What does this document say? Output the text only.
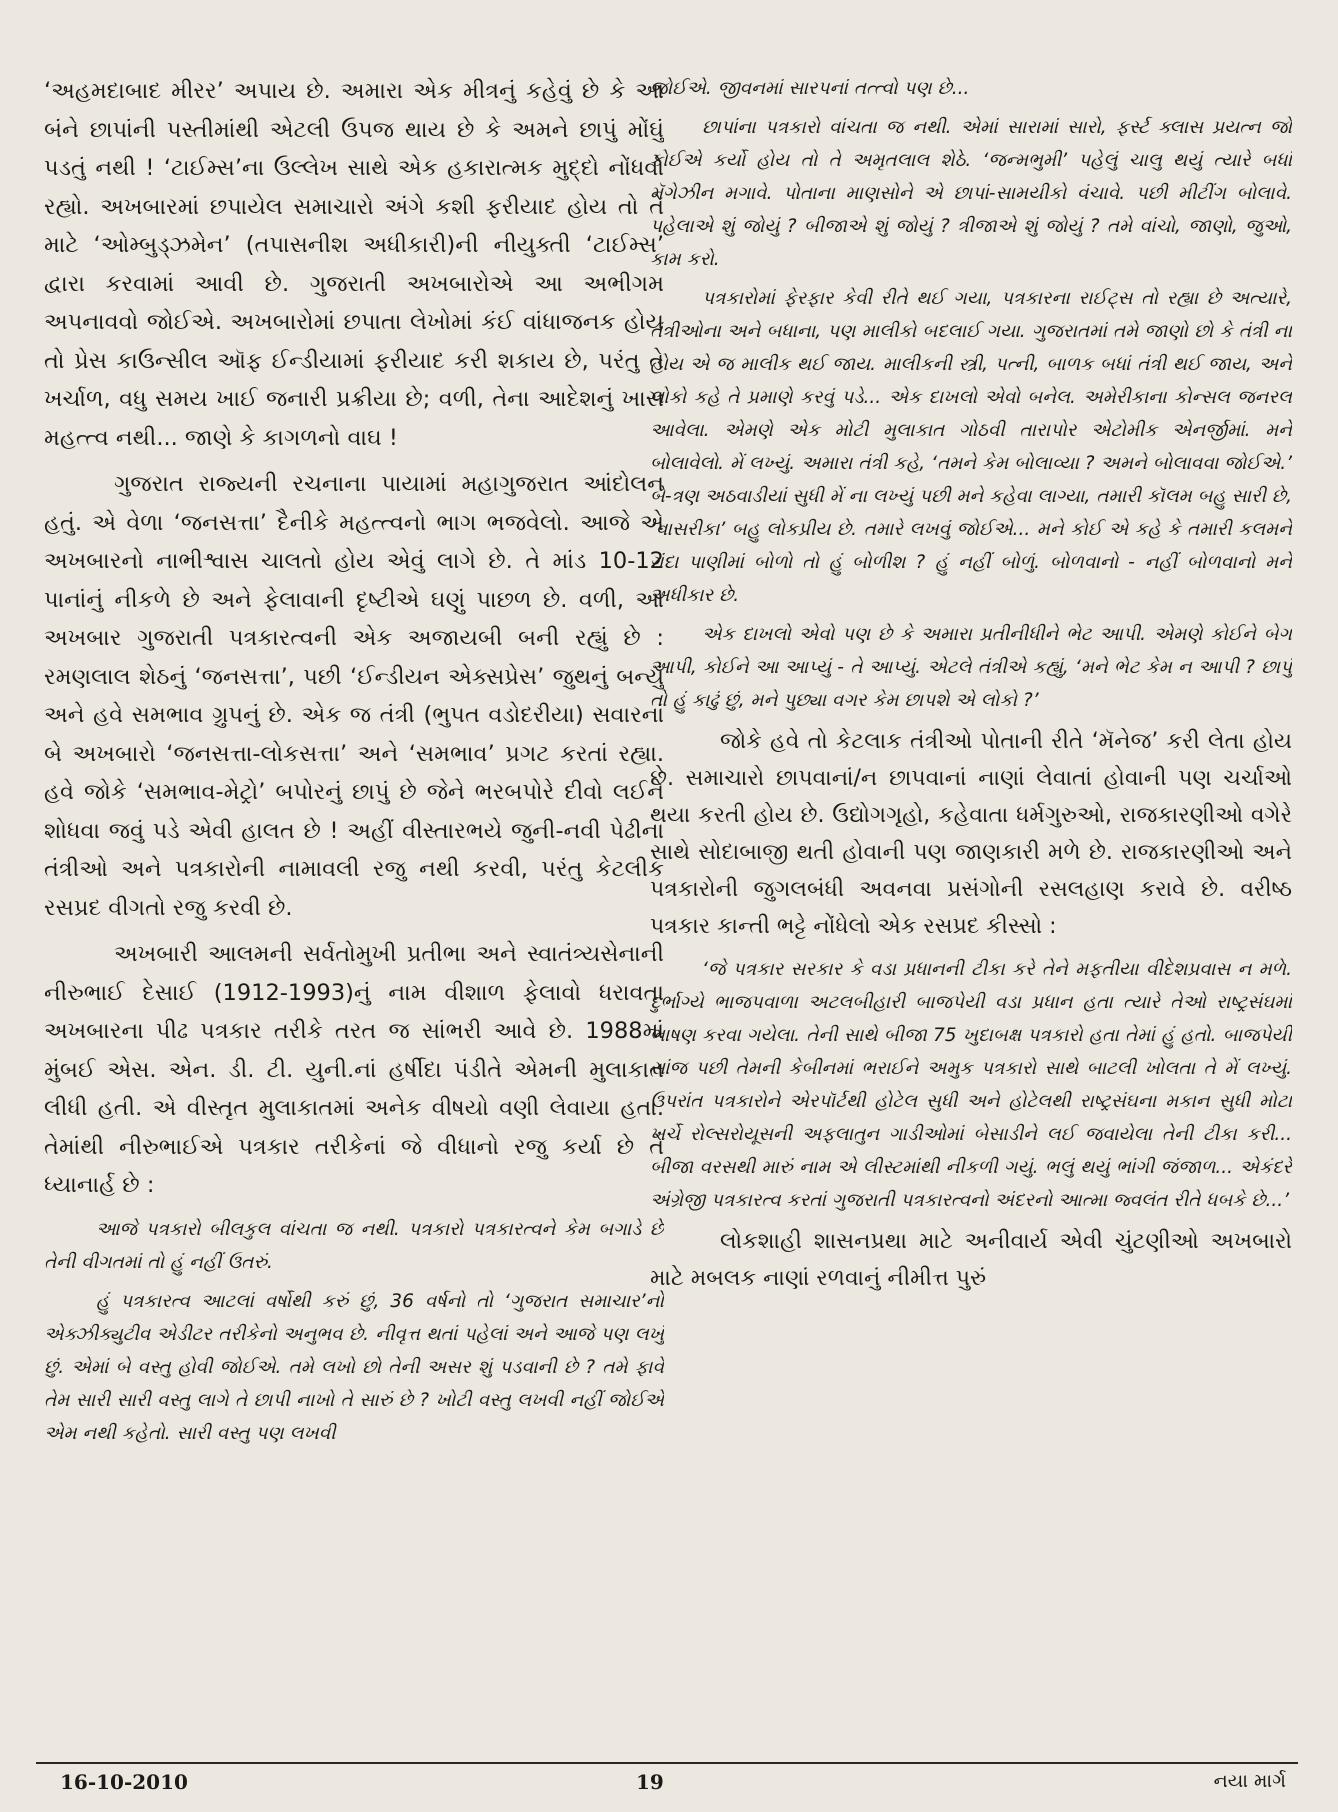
‘અહમદાબાદ મીરર’ અપાય છે. અમારા એક મીત્રનું કહેવું છે કે આ બંને છાપાંની પસ્તીમાંથી એટલી ઉપજ થાય છે કે અમને છાપું મોંઘું પડતું નથી ! ‘ટાઈમ્સ’ના ઉલ્લેખ સાથે એક હકારાત્મક મુદ્દો નોંધવો રહ્યો. અખબારમાં છપાયેલ સમાચારો અંગે કશી ફરીયાદ હોય તો તે માટે ‘ઓમ્બુડ્ઝમેન’ (તપાસનીશ અધીકારી)ની નીયુક્તી ‘ટાઈમ્સ’ દ્વારા કરવામાં આવી છે. ગુજરાતી અખબારોએ આ અભીગમ અપનાવવો જોઈએ. અખબારોમાં છપાતા લેખોમાં કંઈ વાંધાજનક હોય તો પ્રેસ કાઉન્સીલ ઑફ ઈન્ડીયામાં ફરીયાદ કરી શકાય છે, પરંતુ તે ખર્ચાળ, વધુ સમય ખાઈ જનારી પ્રક્રીયા છે; વળી, તેના આદેશનું ખાસ મહત્ત્વ નથી... જાણે કે કાગળનો વાઘ !

ગુજરાત રાજ્યની રચનાના પાયામાં મહાગુજરાત આંદોલન હતું. એ વેળા ‘જનસત્તા’ દૈનીકે મહત્ત્વનો ભાગ ભજવેલો. આજે એ અખબારનો નાભીશ્વાસ ચાલતો હોય એવું લાગે છે. તે માંડ 10-12 પાનાંનું નીકળે છે અને ફેલાવાની દૃષ્ટીએ ઘણું પાછળ છે. વળી, આ અખબાર ગુજરાતી પત્રકારત્વની એક અજાયબી બની રહ્યું છે : રમણલાલ શેઠનું ‘જનસત્તા’, પછી ‘ઈન્ડીયન એક્સપ્રેસ’ જુથનું બન્યું અને હવે સમભાવ ગ્રુપનું છે. એક જ તંત્રી (ભુપત વડોદરીયા) સવારનાં બે અખબારો ‘જનસત્તા-લોકસત્તા’ અને ‘સમભાવ’ પ્રગટ કરતાં રહ્યા. હવે જોકે ‘સમભાવ-મેટ્રો’ બપોરનું છાપું છે જેને ભરબપોરે દીવો લઈને શોધવા જવું પડે એવી હાલત છે ! અહીં વીસ્તારભયે જુની-નવી પેઢીના તંત્રીઓ અને પત્રકારોની નામાવલી રજુ નથી કરવી, પરંતુ કેટલીક રસપ્રદ વીગતો રજુ કરવી છે.

અખબારી આલમની સર્વતોમુખી પ્રતીભા અને સ્વાતંત્ર્યસેનાની નીરુભાઈ દેસાઈ (1912-1993)નું નામ વીશાળ ફેલાવો ધરાવતા અખબારના પીઢ પત્રકાર તરીકે તરત જ સાંભરી આવે છે. 1988માં મુંબઈ એસ. એન. ડી. ટી. યુની.નાં હર્ષીદા પંડીતે એમની મુલાકાત લીધી હતી. એ વીસ્તૃત મુલાકાતમાં અનેક વીષયો વણી લેવાયા હતા. તેમાંથી નીરુભાઈએ પત્રકાર તરીકેનાં જે વીધાનો રજુ કર્યા છે તે ધ્યાનાર્હ છે :

આજે પત્રકારો બીલકુલ વાંચતા જ નથી. પત્રકારો પત્રકારત્વને કેમ બગાડે છે તેની વીગતમાં તો હું નહીં ઉતરું.

હું પત્રકારત્વ આટલાં વર્ષોથી કરું છું, 36 વર્ષનો તો ‘ગુજરાત સમાચાર’નો એક્ઝીક્યુટીવ એડીટર તરીકેનો અનુભવ છે. નીવૃત્ત થતાં પહેલાં અને આજે પણ લખું છું. એમાં બે વસ્તુ હોવી જોઈએ. તમે લખો છો તેની અસર શું પડવાની છે ? તમે ફાવે તેમ સારી સારી વસ્તુ લાગે તે છાપી નાખો તે સારું છે ? ખોટી વસ્તુ લખવી નહીં જોઈએ એમ નથી કહેતો. સારી વસ્તુ પણ લખવી

જોઈએ. જીવનમાં સારપનાં તત્ત્વો પણ છે...

છાપાંના પત્રકારો વાંચતા જ નથી. એમાં સારામાં સારો, ફર્સ્ટ ક્લાસ પ્રયત્ન જો કોઈએ કર્યો હોય તો તે અમૃતલાલ શેઠે. ‘જન્મભુમી’ પહેલું ચાલુ થયું ત્યારે બધાં મૅગેઝીન મગાવે. પોતાના માણસોને એ છાપાં-સામયીકો વંચાવે. પછી મીટીંગ બોલાવે. પહેલાએ શું જોયું ? બીજાએ શું જોયું ? ત્રીજાએ શું જોયું ? તમે વાંચો, જાણો, જુઓ, કામ કરો.

પત્રકારોમાં ફેરફાર કેવી રીતે થઈ ગયા, પત્રકારના રાઈટ્સ તો રહ્યા છે અત્યારે, તંત્રીઓના અને બધાના, પણ માલીકો બદલાઈ ગયા. ગુજરાતમાં તમે જાણો છો કે તંત્રી ના હોય એ જ માલીક થઈ જાય. માલીકની સ્ત્રી, પત્ની, બાળક બધાં તંત્રી થઈ જાય, અને લોકો કહે તે પ્રમાણે કરવું પડે... એક દાખલો એવો બનેલ. અમેરીકાના કોન્સલ જનરલ આવેલા. એમણે એક મોટી મુલાકાત ગોઠવી તારાપોર એટોમીક એનર્જીમાં. મને બોલાવેલો. મેં લખ્યું. અમારા તંત્રી કહે, ‘તમને કેમ બોલાવ્યા ? અમને બોલાવવા જોઈએ.’ બે-ત્રણ અઠવાડીયાં સુધી મેં ના લખ્યું પછી મને કહેવા લાગ્યા, તમારી કૉલમ બહુ સારી છે, ‘વાસરીકા’ બહુ લોકપ્રીય છે. તમારે લખવું જોઈએ... મને કોઈ એ કહે કે તમારી કલમને ગંદા પાણીમાં બોળો તો હું બોળીશ ? હું નહીં બોળું. બોળવાનો - નહીં બોળવાનો મને અધીકાર છે.

એક દાખલો એવો પણ છે કે અમારા પ્રતીનીધીને ભેટ આપી. એમણે કોઈને બેગ આપી, કોઈને આ આપ્યું - તે આપ્યું. એટલે તંત્રીએ કહ્યું, ‘મને ભેટ કેમ ન આપી ? છાપું તો હું કાઢું છું, મને પુછ્યા વગર કેમ છાપશે એ લોકો ?’

જોકે હવે તો કેટલાક તંત્રીઓ પોતાની રીતે ‘મૅનેજ’ કરી લેતા હોય છે. સમાચારો છાપવાનાં/ન છાપવાનાં નાણાં લેવાતાં હોવાની પણ ચર્ચાઓ થયા કરતી હોય છે. ઉદ્યોગગૃહો, કહેવાતા ધર્મગુરુઓ, રાજકારણીઓ વગેરે સાથે સોદાબાજી થતી હોવાની પણ જાણકારી મળે છે. રાજકારણીઓ અને પત્રકારોની જુગલબંધી અવનવા પ્રસંગોની રસલહાણ કરાવે છે. વરીષ્ઠ પત્રકાર કાન્તી ભટ્ટે નોંધેલો એક રસપ્રદ કીસ્સો :

‘જે પત્રકાર સરકાર કે વડા પ્રધાનની ટીકા કરે તેને મફતીયા વીદેશપ્રવાસ ન મળે. દુર્ભાગ્યે ભાજપવાળા અટલબીહારી બાજપેયી વડા પ્રધાન હતા ત્યારે તેઓ રાષ્ટ્રસંઘમાં ભાષણ કરવા ગયેલા. તેની સાથે બીજા 75 ખુદાબક્ષ પત્રકારો હતા તેમાં હું હતો. બાજપેયી સાંજ પછી તેમની કેબીનમાં ભરાઈને અમુક પત્રકારો સાથે બાટલી ખોલતા તે મેં લખ્યું. ઉપરાંત પત્રકારોને એરપૉર્ટથી હોટેલ સુધી અને હોટેલથી રાષ્ટ્રસંઘના મકાન સુધી મોટા ખર્ચે રોલ્સરોયૂસની અફલાતુન ગાડીઓમાં બેસાડીને લઈ જવાયેલા તેની ટીકા કરી... બીજા વરસથી મારું નામ એ લીસ્ટમાંથી નીકળી ગયું. ભલું થયું ભાંગી જંજાળ... એકંદરે અંગ્રેજી પત્રકારત્વ કરતાં ગુજરાતી પત્રકારત્વનો અંદરનો આત્મા જ્વલંત રીતે ધબકે છે...’

લોકશાહી શાસનપ્રથા માટે અનીવાર્ય એવી ચુંટણીઓ અખબારો માટે મબલક નાણાં રળવાનું નીમીત્ત પુરું

16-10-2010	19	નયા માર્ગ
